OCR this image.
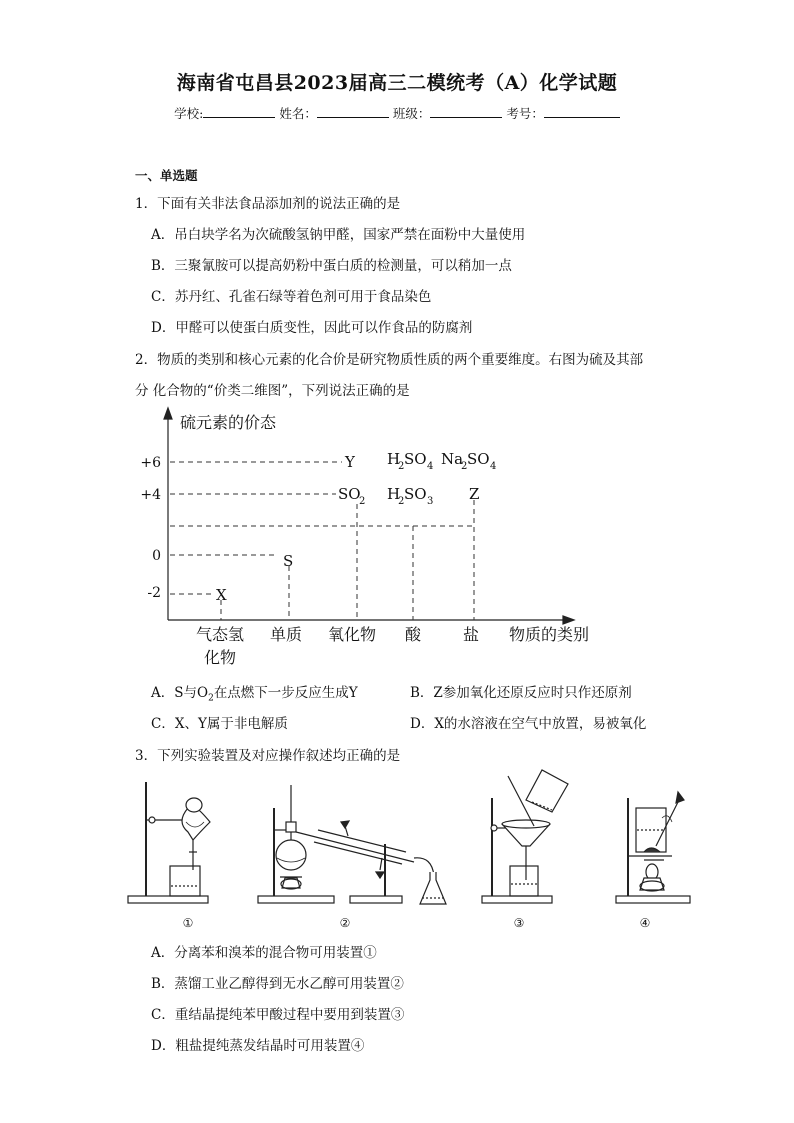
海南省屯昌县2023届高三二模统考（A）化学试题
学校:	姓名：	班级：	考号：
一、单选题
1．下面有关非法食品添加剂的说法正确的是
A．吊白块学名为次硫酸氢钠甲醛，国家严禁在面粉中大量使用
B．三聚氰胺可以提高奶粉中蛋白质的检测量，可以稍加一点
C．苏丹红、孔雀石绿等着色剂可用于食品染色
D．甲醛可以使蛋白质变性，因此可以作食品的防腐剂
2．物质的类别和核心元素的化合价是研究物质性质的两个重要维度。右图为硫及其部
分 化合物的“价类二维图”，下列说法正确的是
硫元素的价态
物质的类别
+6
+4
0
-2
气态氢
化物
单质 氧化物 酸	盐
X
S
Y
Z
SO
2 H
2 SO 3
H
2 SO 4 Na
2 SO 4
①	②	③	④
A．S与$O_2$在点燃下一步反应生成Y	B．Z参加氧化还原反应时只作还原剂
C．X、Y属于非电解质	D．X的水溶液在空气中放置，易被氧化
3．下列实验装置及对应操作叙述均正确的是
A．分离苯和溴苯的混合物可用装置①
B．蒸馏工业乙醇得到无水乙醇可用装置②
C．重结晶提纯苯甲酸过程中要用到装置③
D．粗盐提纯蒸发结晶时可用装置④
